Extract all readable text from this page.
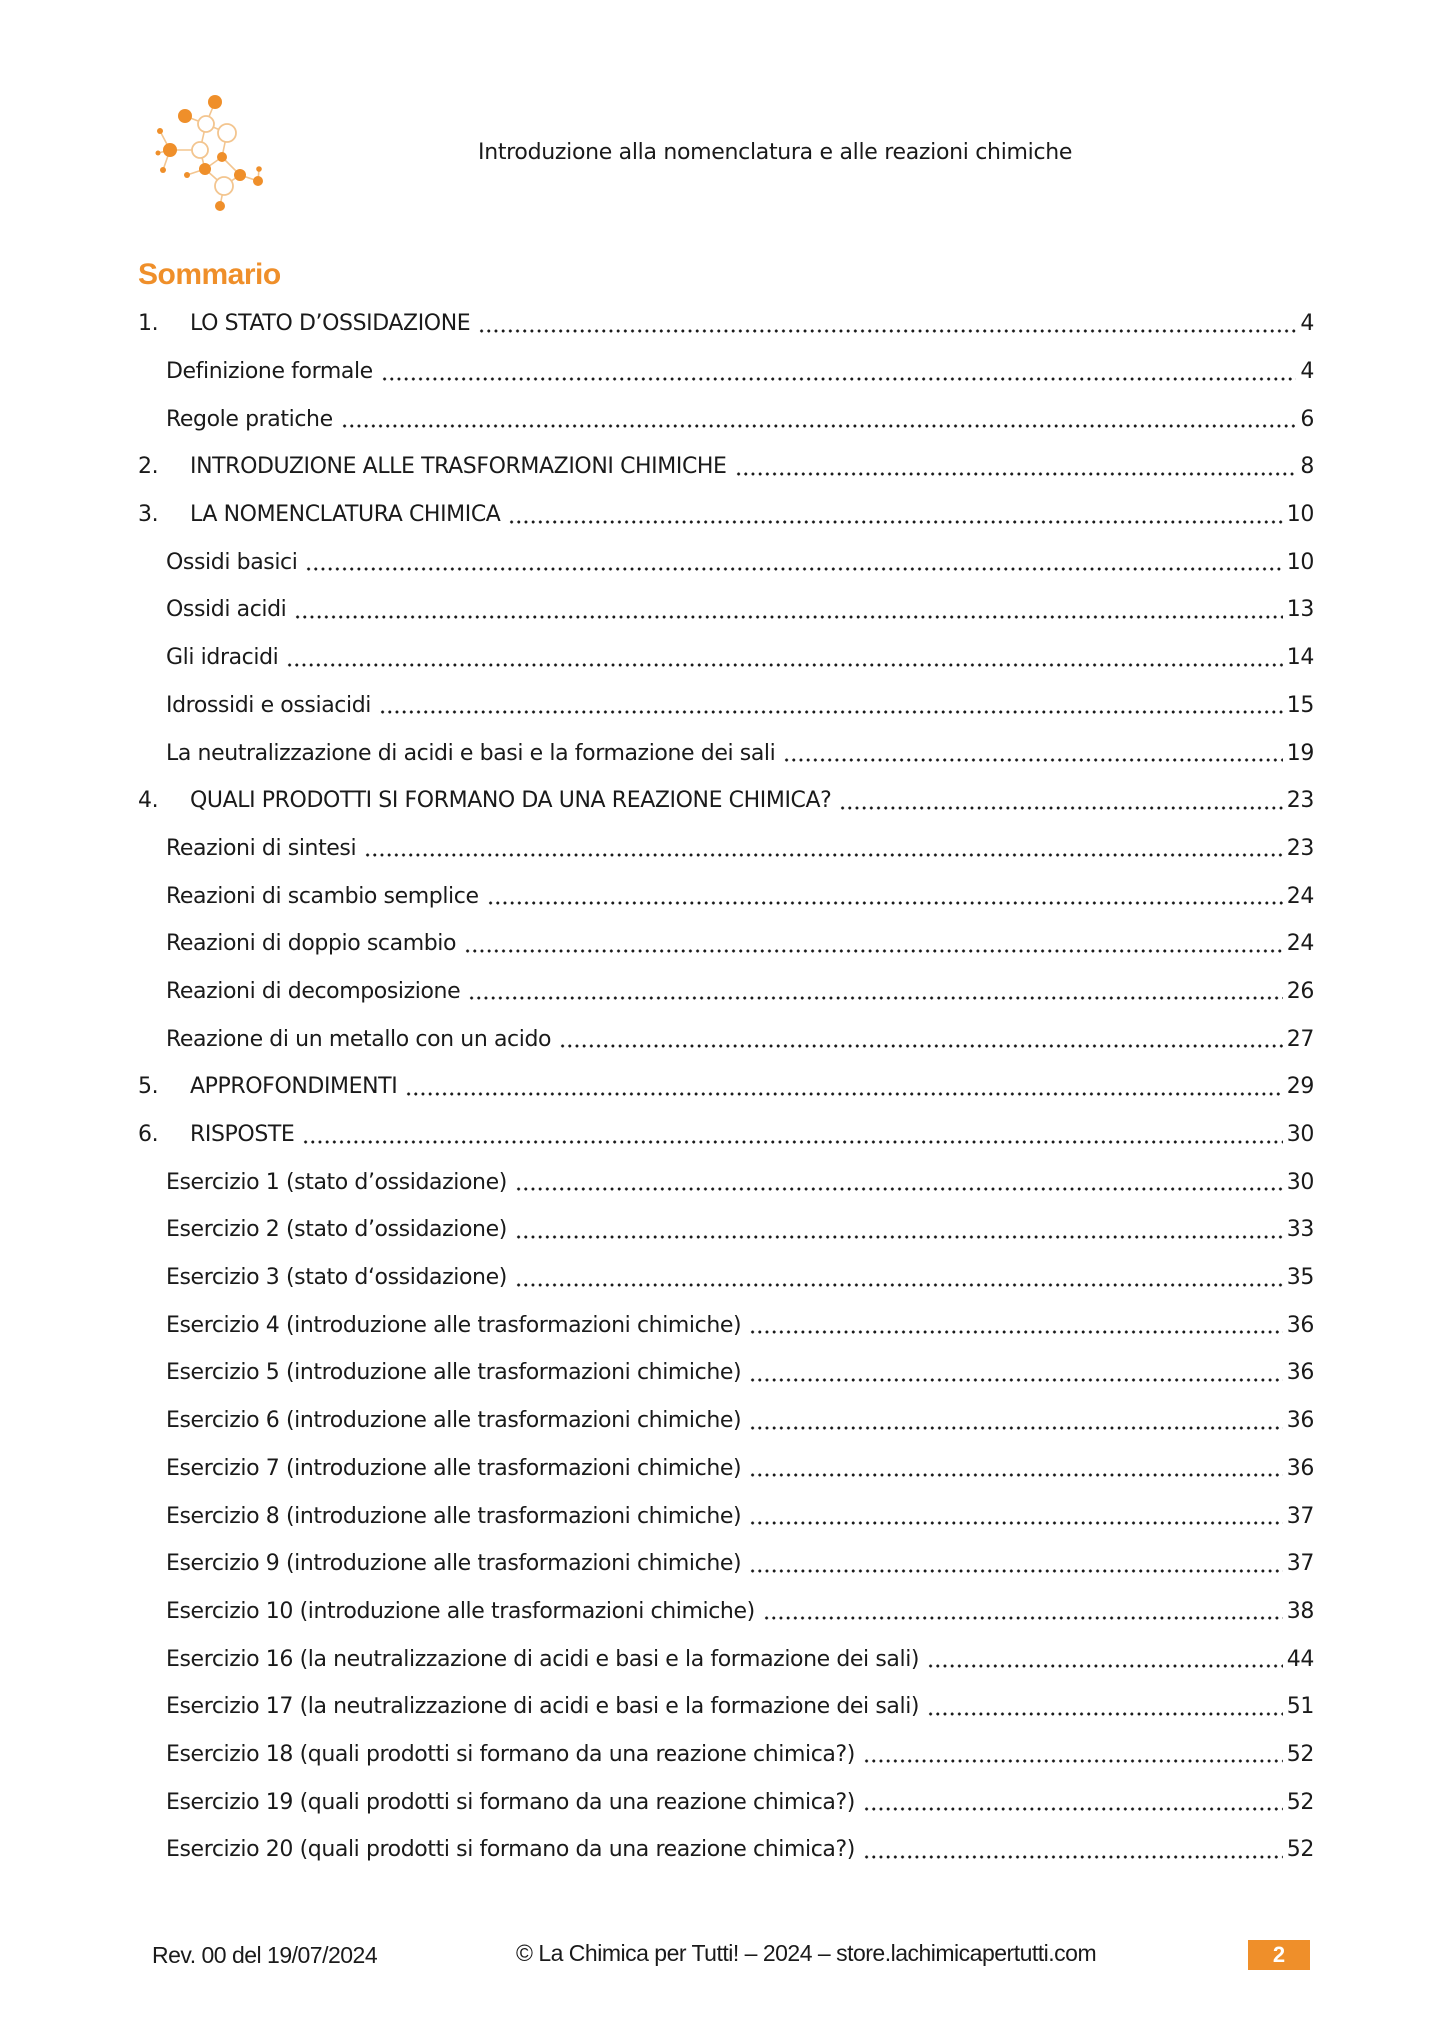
Introduzione alla nomenclatura e alle reazioni chimiche
Sommario
1.	LO STATO D’OSSIDAZIONE	4
Definizione formale	4
Regole pratiche	6
2.	INTRODUZIONE ALLE TRASFORMAZIONI CHIMICHE	8
3.	LA NOMENCLATURA CHIMICA	10
Ossidi basici	10
Ossidi acidi	13
Gli idracidi	14
Idrossidi e ossiacidi	15
La neutralizzazione di acidi e basi e la formazione dei sali	19
4.	QUALI PRODOTTI SI FORMANO DA UNA REAZIONE CHIMICA?	23
Reazioni di sintesi	23
Reazioni di scambio semplice	24
Reazioni di doppio scambio	24
Reazioni di decomposizione	26
Reazione di un metallo con un acido	27
5.	APPROFONDIMENTI	29
6.	RISPOSTE	30
Esercizio 1 (stato d’ossidazione)	30
Esercizio 2 (stato d’ossidazione)	33
Esercizio 3 (stato d‘ossidazione)	35
Esercizio 4 (introduzione alle trasformazioni chimiche)	36
Esercizio 5 (introduzione alle trasformazioni chimiche)	36
Esercizio 6 (introduzione alle trasformazioni chimiche)	36
Esercizio 7 (introduzione alle trasformazioni chimiche)	36
Esercizio 8 (introduzione alle trasformazioni chimiche)	37
Esercizio 9 (introduzione alle trasformazioni chimiche)	37
Esercizio 10 (introduzione alle trasformazioni chimiche)	38
Esercizio 16 (la neutralizzazione di acidi e basi e la formazione dei sali)	44
Esercizio 17 (la neutralizzazione di acidi e basi e la formazione dei sali)	51
Esercizio 18 (quali prodotti si formano da una reazione chimica?)	52
Esercizio 19 (quali prodotti si formano da una reazione chimica?)	52
Esercizio 20 (quali prodotti si formano da una reazione chimica?)	52
Rev. 00 del 19/07/2024	© La Chimica per Tutti! – 2024 – store.lachimicapertutti.com	2
